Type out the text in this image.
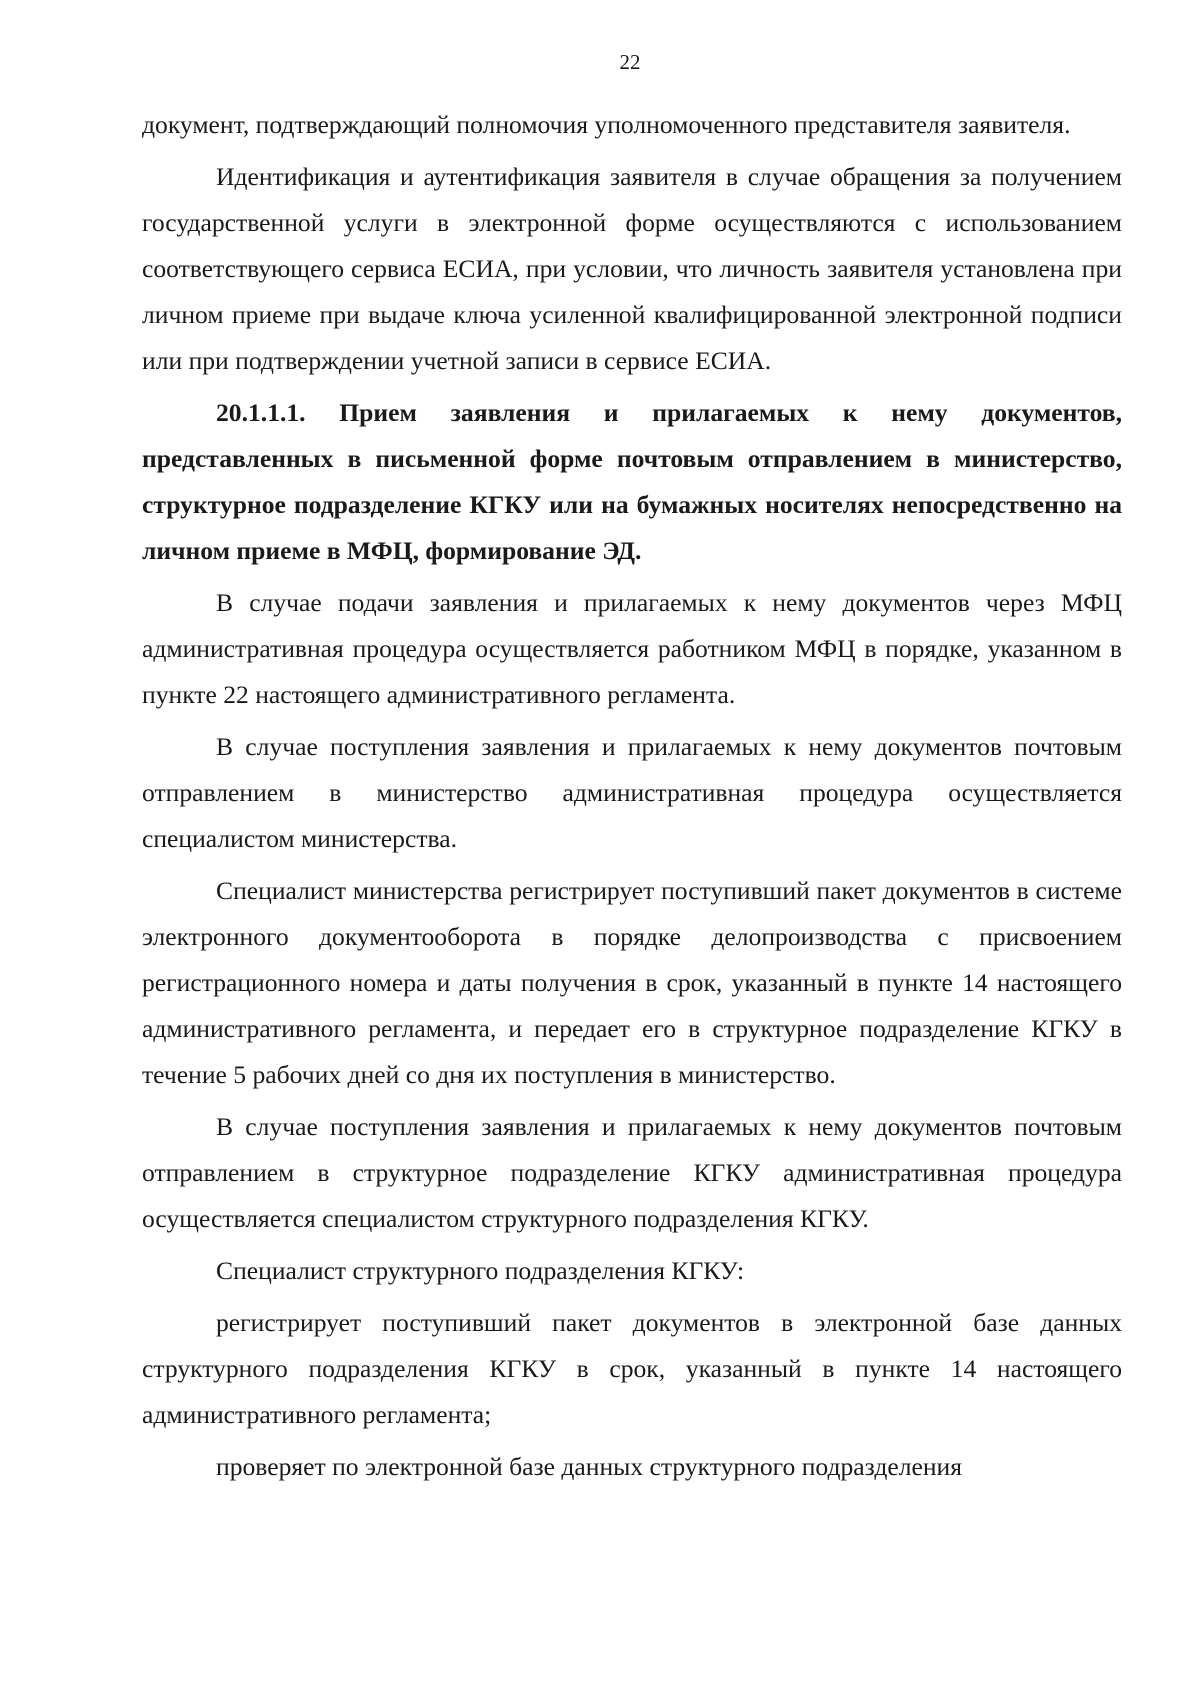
22

документ, подтверждающий полномочия уполномоченного представителя заявителя.

Идентификация и аутентификация заявителя в случае обращения за получением государственной услуги в электронной форме осуществляются с использованием соответствующего сервиса ЕСИА, при условии, что личность заявителя установлена при личном приеме при выдаче ключа усиленной квалифицированной электронной подписи или при подтверждении учетной записи в сервисе ЕСИА.

20.1.1.1. Прием заявления и прилагаемых к нему документов, представленных в письменной форме почтовым отправлением в министерство, структурное подразделение КГКУ или на бумажных носителях непосредственно на личном приеме в МФЦ, формирование ЭД.

В случае подачи заявления и прилагаемых к нему документов через МФЦ административная процедура осуществляется работником МФЦ в порядке, указанном в пункте 22 настоящего административного регламента.

В случае поступления заявления и прилагаемых к нему документов почтовым отправлением в министерство административная процедура осуществляется специалистом министерства.

Специалист министерства регистрирует поступивший пакет документов в системе электронного документооборота в порядке делопроизводства с присвоением регистрационного номера и даты получения в срок, указанный в пункте 14 настоящего административного регламента, и передает его в структурное подразделение КГКУ в течение 5 рабочих дней со дня их поступления в министерство.

В случае поступления заявления и прилагаемых к нему документов почтовым отправлением в структурное подразделение КГКУ административная процедура осуществляется специалистом структурного подразделения КГКУ.

Специалист структурного подразделения КГКУ:

регистрирует поступивший пакет документов в электронной базе данных структурного подразделения КГКУ в срок, указанный в пункте 14 настоящего административного регламента;

проверяет по электронной базе данных структурного подразделения
